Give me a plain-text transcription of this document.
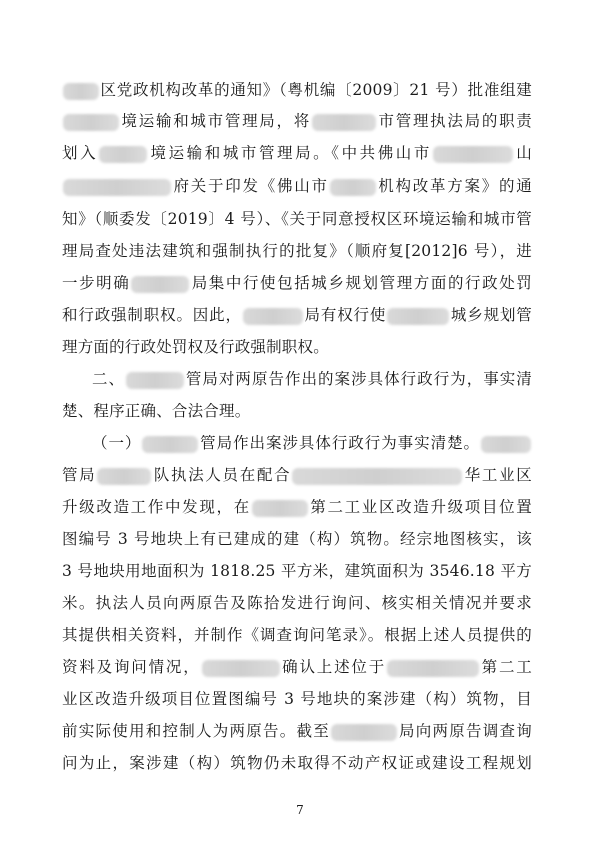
区党政机构改革的通知》（粤机编〔2009〕21 号）批准组建
境运输和城市管理局，将	市管理执法局的职责
划入	境运输和城市管理局。《中共佛山市	山
府关于印发《佛山市	机构改革方案》的通
知》（顺委发〔2019〕4 号）、《关于同意授权区环境运输和城市管
理局查处违法建筑和强制执行的批复》（顺府复[2012]6 号），进
一步明确	局集中行使包括城乡规划管理方面的行政处罚
和行政强制职权。因此，	局有权行使	城乡规划管
理方面的行政处罚权及行政强制职权。
二、	管局对两原告作出的案涉具体行政行为，事实清
楚、程序正确、合法合理。
（一）	管局作出案涉具体行政行为事实清楚。
管局	队执法人员在配合	华工业区
升级改造工作中发现，在	第二工业区改造升级项目位置
图编号 3 号地块上有已建成的建（构）筑物。经宗地图核实，该
3 号地块用地面积为 1818.25 平方米，建筑面积为 3546.18 平方
米。执法人员向两原告及陈拾发进行询问、核实相关情况并要求
其提供相关资料，并制作《调查询问笔录》。根据上述人员提供的
资料及询问情况，	确认上述位于	第二工
业区改造升级项目位置图编号 3 号地块的案涉建（构）筑物，目
前实际使用和控制人为两原告。截至	局向两原告调查询
问为止，案涉建（构）筑物仍未取得不动产权证或建设工程规划
7
